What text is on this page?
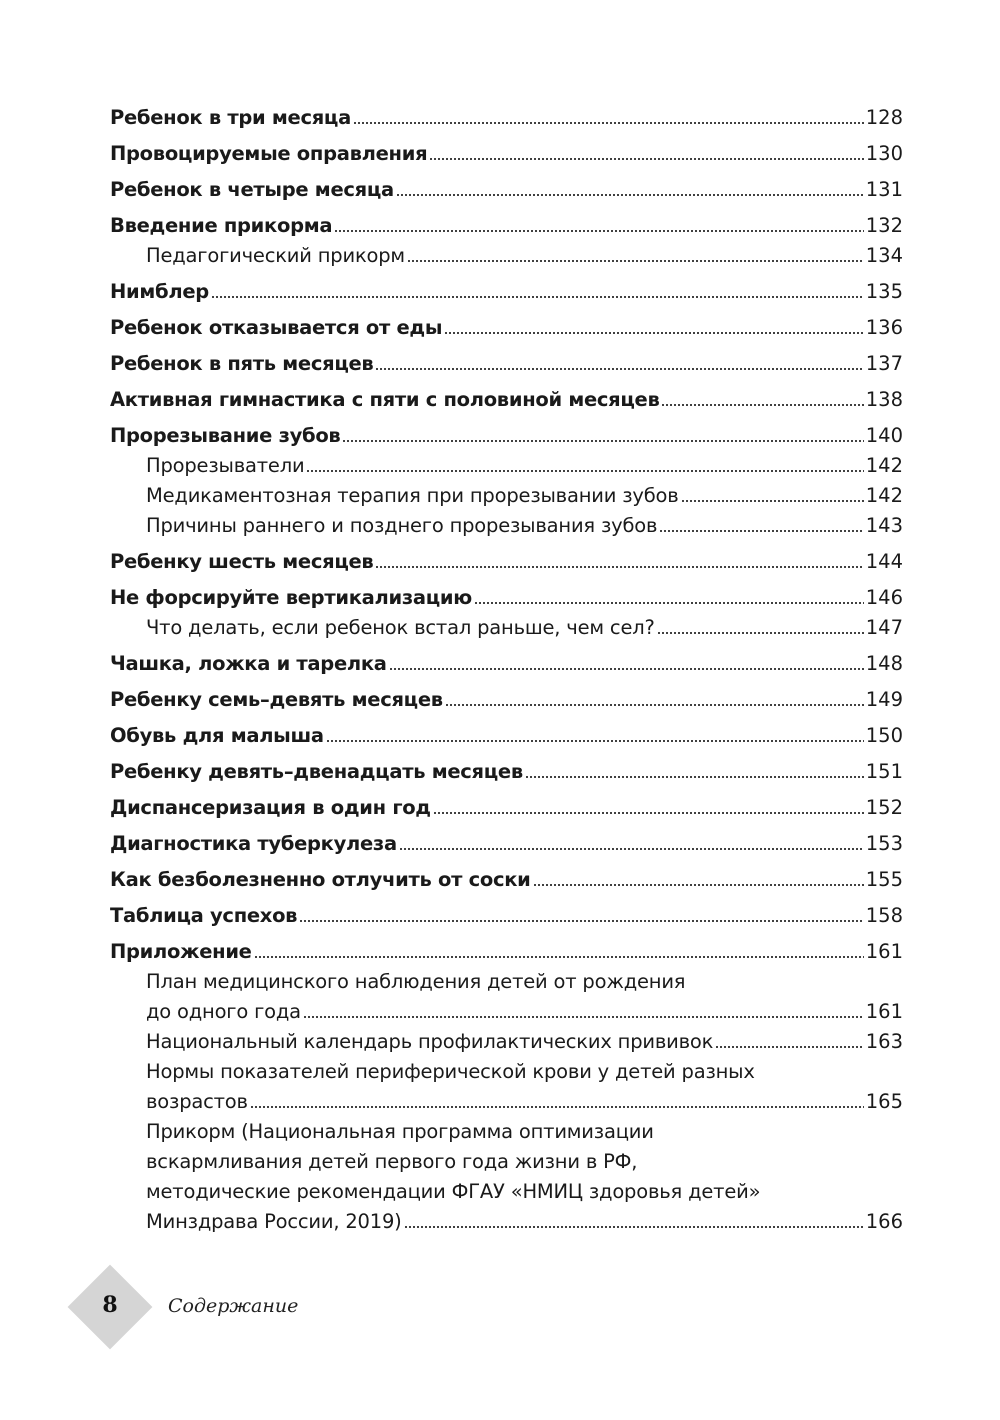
Ребенок в три месяца	128
Провоцируемые оправления	130
Ребенок в четыре месяца	131
Введение прикорма	132
Педагогический прикорм	134
Нимблер	135
Ребенок отказывается от еды	136
Ребенок в пять месяцев	137
Активная гимнастика с пяти с половиной месяцев	138
Прорезывание зубов	140
Прорезыватели	142
Медикаментозная терапия при прорезывании зубов	142
Причины раннего и позднего прорезывания зубов	143
Ребенку шесть месяцев	144
Не форсируйте вертикализацию	146
Что делать, если ребенок встал раньше, чем сел?	147
Чашка, ложка и тарелка	148
Ребенку семь–девять месяцев	149
Обувь для малыша	150
Ребенку девять–двенадцать месяцев	151
Диспансеризация в один год	152
Диагностика туберкулеза	153
Как безболезненно отлучить от соски	155
Таблица успехов	158
Приложение	161
План медицинского наблюдения детей от рождения
до одного года	161
Национальный календарь профилактических прививок	163
Нормы показателей периферической крови у детей разных
возрастов	165
Прикорм (Национальная программа оптимизации
вскармливания детей первого года жизни в РФ,
методические рекомендации ФГАУ «НМИЦ здоровья детей»
Минздрава России, 2019)	166
8	Содержание
